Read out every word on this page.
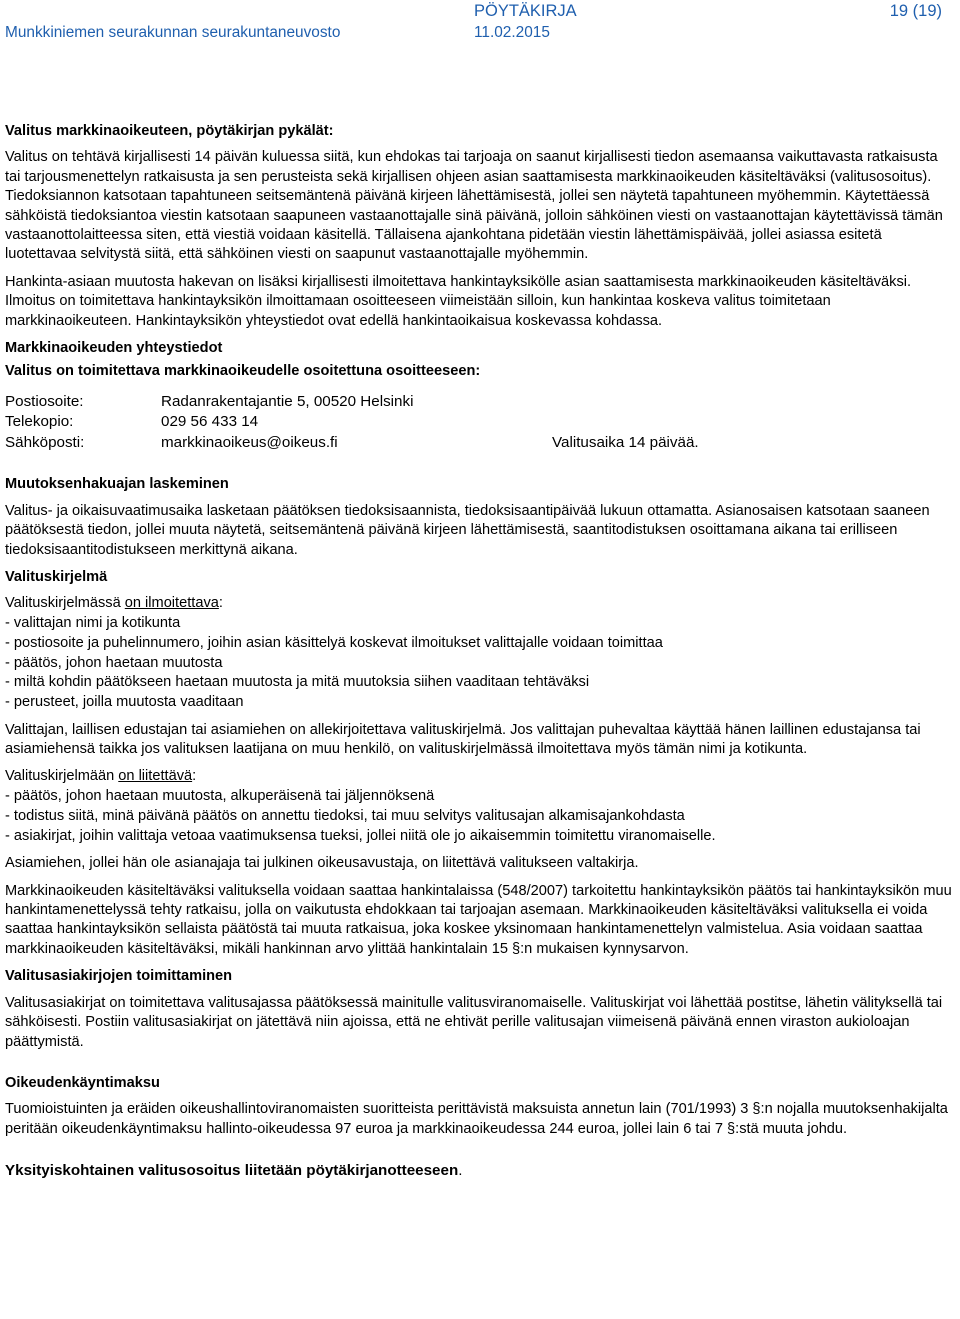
Munkkiniemen seurakunnan seurakuntaneuvosto
PÖYTÄKIRJA
11.02.2015
19 (19)
Valitus markkinaoikeuteen, pöytäkirjan pykälät:

Valitus on tehtävä kirjallisesti 14 päivän kuluessa siitä, kun ehdokas tai tarjoaja on saanut kirjallisesti tiedon asemaansa vaikuttavasta ratkaisusta tai tarjousmenettelyn ratkaisusta ja sen perusteista sekä kirjallisen ohjeen asian saattamisesta markkinaoikeuden käsiteltäväksi (valitusosoitus). Tiedoksiannon katsotaan tapahtuneen seitsemäntenä päivänä kirjeen lähettämisestä, jollei sen näytetä tapahtuneen myöhemmin. Käytettäessä sähköistä tiedoksiantoa viestin katsotaan saapuneen vastaanottajalle sinä päivänä, jolloin sähköinen viesti on vastaanottajan käytettävissä tämän vastaanottolaitteessa siten, että viestiä voidaan käsitellä. Tällaisena ajankohtana pidetään viestin lähettämispäivää, jollei asiassa esitetä luotettavaa selvitystä siitä, että sähköinen viesti on saapunut vastaanottajalle myöhemmin.

Hankinta-asiaan muutosta hakevan on lisäksi kirjallisesti ilmoitettava hankintayksikölle asian saattamisesta markkinaoikeuden käsiteltäväksi. Ilmoitus on toimitettava hankintayksikön ilmoittamaan osoitteeseen viimeistään silloin, kun hankintaa koskeva valitus toimitetaan markkinaoikeuteen. Hankintayksikön yhteystiedot ovat edellä hankintaoikaisua koskevassa kohdassa.

Markkinaoikeuden yhteystiedot
Valitus on toimitettava markkinaoikeudelle osoitettuna osoitteeseen:
Postiosoite:	Radanrakentajantie 5, 00520 Helsinki
Telekopio:	029 56 433 14
Sähköposti:	markkinaoikeus@oikeus.fi	Valitusaika 14 päivää.
Muutoksenhakuajan laskeminen

Valitus- ja oikaisuvaatimusaika lasketaan päätöksen tiedoksisaannista, tiedoksisaantipäivää lukuun ottamatta. Asianosaisen katsotaan saaneen päätöksestä tiedon, jollei muuta näytetä, seitsemäntenä päivänä kirjeen lähettämisestä, saantitodistuksen osoittamana aikana tai erilliseen tiedoksisaantitodistukseen merkittynä aikana.

Valituskirjelmä
Valituskirjelmässä on ilmoitettava:
- valittajan nimi ja kotikunta
- postiosoite ja puhelinnumero, joihin asian käsittelyä koskevat ilmoitukset valittajalle voidaan toimittaa
- päätös, johon haetaan muutosta
- miltä kohdin päätökseen haetaan muutosta ja mitä muutoksia siihen vaaditaan tehtäväksi
- perusteet, joilla muutosta vaaditaan

Valittajan, laillisen edustajan tai asiamiehen on allekirjoitettava valituskirjelmä. Jos valittajan puhevaltaa käyttää hänen laillinen edustajansa tai asiamiehensä taikka jos valituksen laatijana on muu henkilö, on valituskirjelmässä ilmoitettava myös tämän nimi ja kotikunta.

Valituskirjelmään on liitettävä:
- päätös, johon haetaan muutosta, alkuperäisenä tai jäljennöksenä
- todistus siitä, minä päivänä päätös on annettu tiedoksi, tai muu selvitys valitusajan alkamisajankohdasta
- asiakirjat, joihin valittaja vetoaa vaatimuksensa tueksi, jollei niitä ole jo aikaisemmin toimitettu viranomaiselle.

Asiamiehen, jollei hän ole asianajaja tai julkinen oikeusavustaja, on liitettävä valitukseen valtakirja.

Markkinaoikeuden käsiteltäväksi valituksella voidaan saattaa hankintalaissa (548/2007) tarkoitettu hankintayksikön päätös tai hankintayksikön muu hankintamenettelyssä tehty ratkaisu, jolla on vaikutusta ehdokkaan tai tarjoajan asemaan. Markkinaoikeuden käsiteltäväksi valituksella ei voida saattaa hankintayksikön sellaista päätöstä tai muuta ratkaisua, joka koskee yksinomaan hankintamenettelyn valmistelua. Asia voidaan saattaa markkinaoikeuden käsiteltäväksi, mikäli hankinnan arvo ylittää hankintalain 15 §:n mukaisen kynnysarvon.

Valitusasiakirjojen toimittaminen

Valitusasiakirjat on toimitettava valitusajassa päätöksessä mainitulle valitusviranomaiselle. Valituskirjat voi lähettää postitse, lähetin välityksellä tai sähköisesti. Postiin valitusasiakirjat on jätettävä niin ajoissa, että ne ehtivät perille valitusajan viimeisenä päivänä ennen viraston aukioloajan päättymistä.

Oikeudenkäyntimaksu

Tuomioistuinten ja eräiden oikeushallintoviranomaisten suoritteista perittävistä maksuista annetun lain (701/1993) 3 §:n nojalla muutoksenhakijalta peritään oikeudenkäyntimaksu hallinto-oikeudessa 97 euroa ja markkinaoikeudessa 244 euroa, jollei lain 6 tai 7 §:stä muuta johdu.

Yksityiskohtainen valitusosoitus liitetään pöytäkirjanotteeseen.
